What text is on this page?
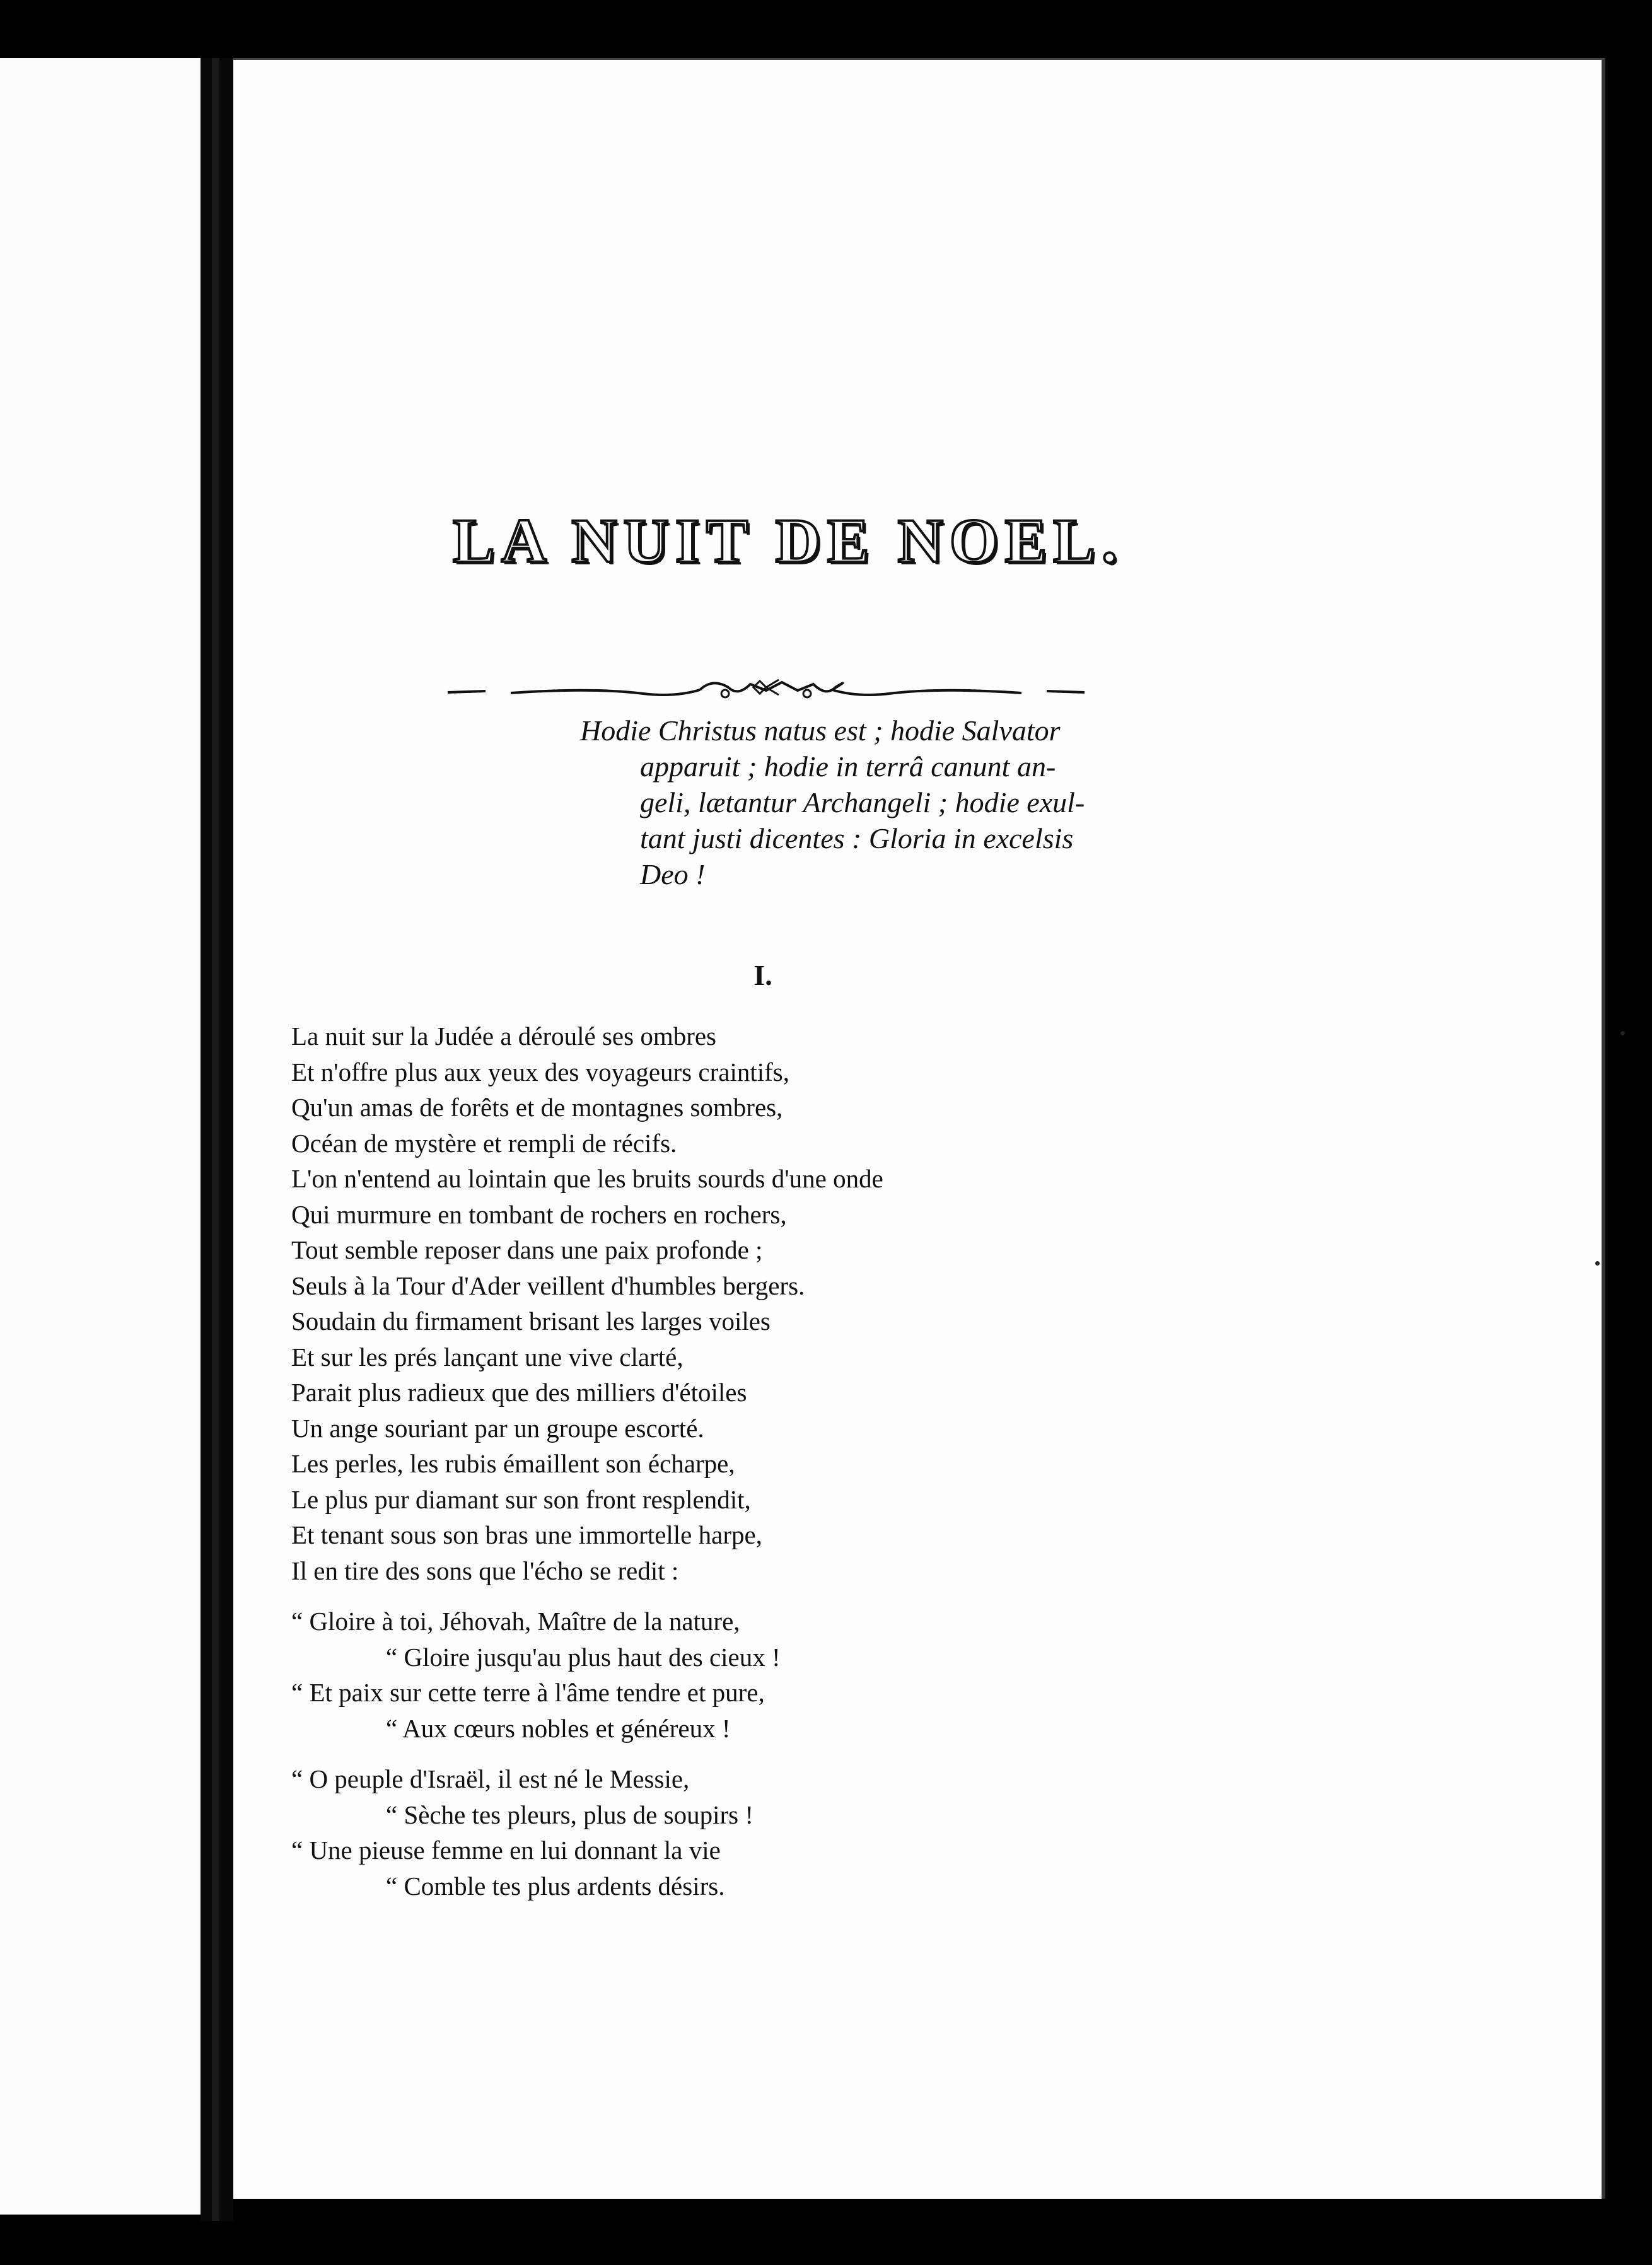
LA NUIT DE NOEL.
Hodie Christus natus est ; hodie Salvator
apparuit ; hodie in terrâ canunt an-
geli, lætantur Archangeli ; hodie exul-
tant justi dicentes : Gloria in excelsis
Deo !
I.
La nuit sur la Judée a déroulé ses ombres
Et n'offre plus aux yeux des voyageurs craintifs,
Qu'un amas de forêts et de montagnes sombres,
Océan de mystère et rempli de récifs.
L'on n'entend au lointain que les bruits sourds d'une onde
Qui murmure en tombant de rochers en rochers,
Tout semble reposer dans une paix profonde ;
Seuls à la Tour d'Ader veillent d'humbles bergers.
Soudain du firmament brisant les larges voiles
Et sur les prés lançant une vive clarté,
Parait plus radieux que des milliers d'étoiles
Un ange souriant par un groupe escorté.
Les perles, les rubis émaillent son écharpe,
Le plus pur diamant sur son front resplendit,
Et tenant sous son bras une immortelle harpe,
Il en tire des sons que l'écho se redit :
“ Gloire à toi, Jéhovah, Maître de la nature,
“ Gloire jusqu'au plus haut des cieux !
“ Et paix sur cette terre à l'âme tendre et pure,
“ Aux cœurs nobles et généreux !
“ O peuple d'Israël, il est né le Messie,
“ Sèche tes pleurs, plus de soupirs !
“ Une pieuse femme en lui donnant la vie
“ Comble tes plus ardents désirs.
